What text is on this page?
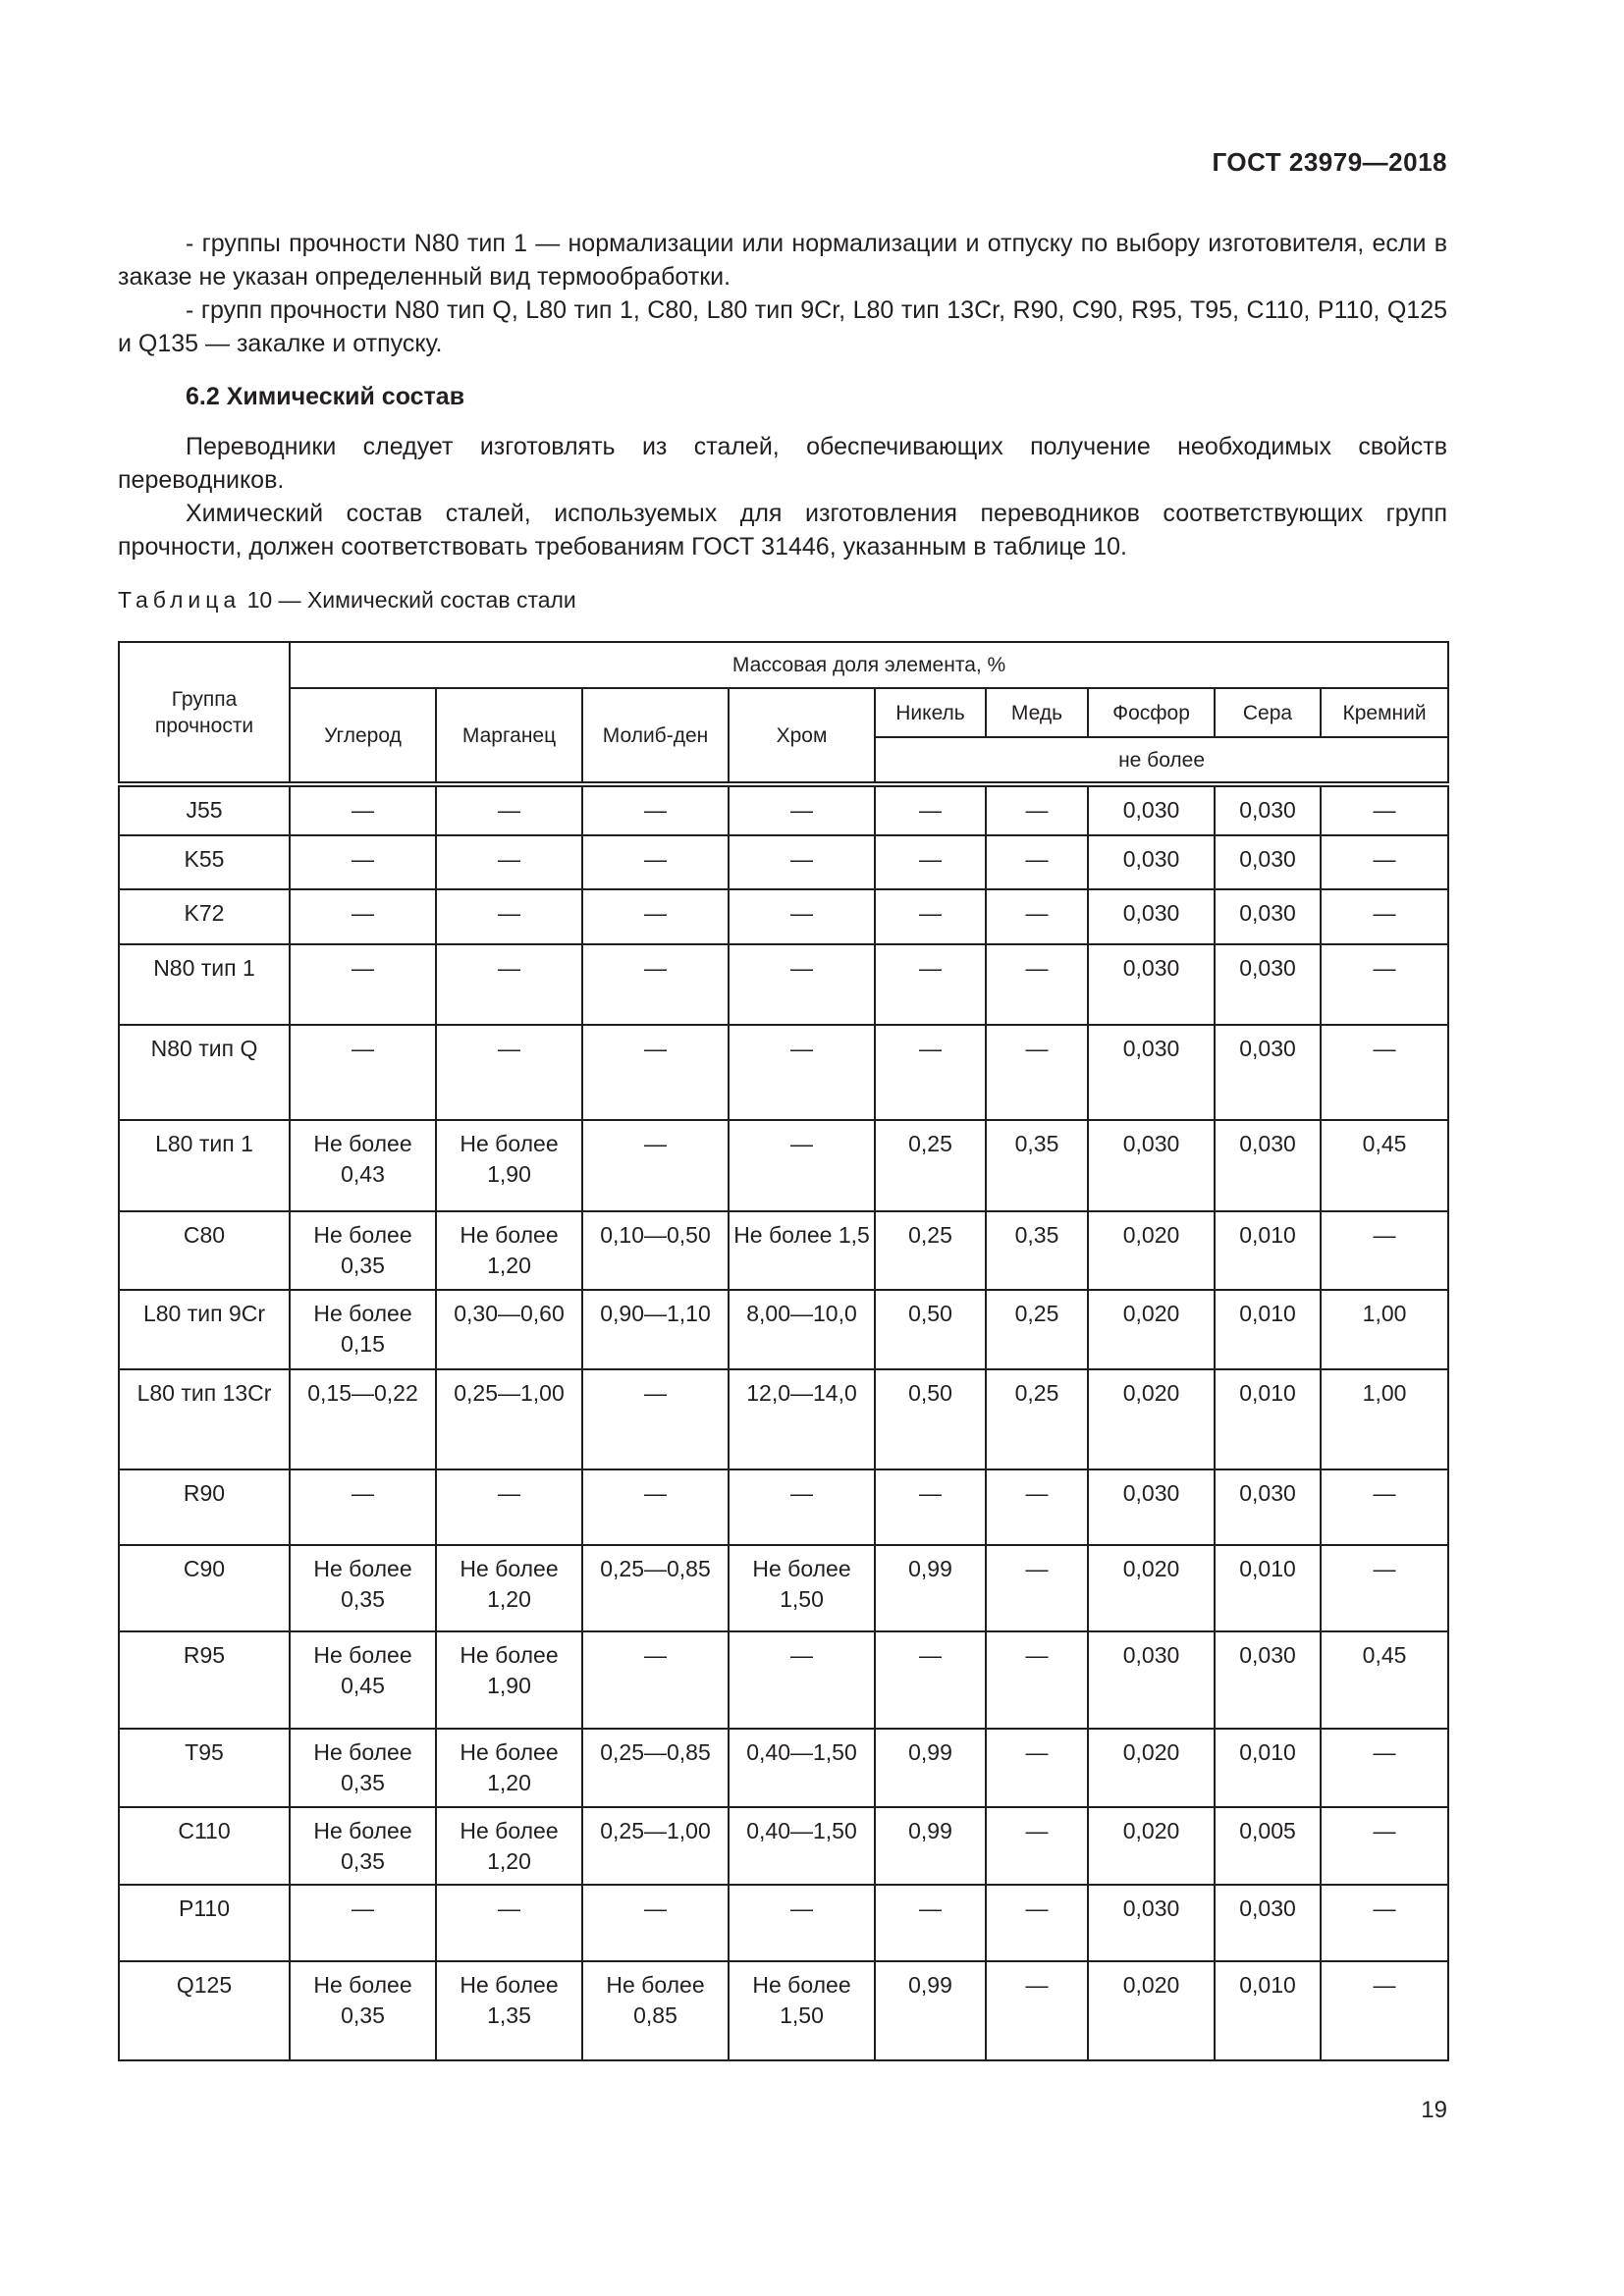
ГОСТ 23979—2018

- группы прочности N80 тип 1 — нормализации или нормализации и отпуску по выбору изготовителя, если в заказе не указан определенный вид термообработки.

- групп прочности N80 тип Q, L80 тип 1, C80, L80 тип 9Cr, L80 тип 13Cr, R90, C90, R95, T95, C110, P110, Q125 и Q135 — закалке и отпуску.

6.2 Химический состав

Переводники следует изготовлять из сталей, обеспечивающих получение необходимых свойств переводников.

Химический состав сталей, используемых для изготовления переводников соответствующих групп прочности, должен соответствовать требованиям ГОСТ 31446, указанным в таблице 10.

Таблица 10 — Химический состав стали
Группа прочности	Массовая доля элемента, %								
	Углерод	Марганец	Молиб-ден	Хром	Никель	Медь	Фосфор	Сера	Кремний
					не более				
J55	—	—	—	—	—	—	0,030	0,030	—
K55	—	—	—	—	—	—	0,030	0,030	—
K72	—	—	—	—	—	—	0,030	0,030	—
N80 тип 1	—	—	—	—	—	—	0,030	0,030	—
N80 тип Q	—	—	—	—	—	—	0,030	0,030	—
L80 тип 1	Не более 0,43	Не более 1,90	—	—	0,25	0,35	0,030	0,030	0,45
C80	Не более 0,35	Не более 1,20	0,10—0,50	Не более 1,5	0,25	0,35	0,020	0,010	—
L80 тип 9Cr	Не более 0,15	0,30—0,60	0,90—1,10	8,00—10,0	0,50	0,25	0,020	0,010	1,00
L80 тип 13Cr	0,15—0,22	0,25—1,00	—	12,0—14,0	0,50	0,25	0,020	0,010	1,00
R90	—	—	—	—	—	—	0,030	0,030	—
C90	Не более 0,35	Не более 1,20	0,25—0,85	Не более 1,50	0,99	—	0,020	0,010	—
R95	Не более 0,45	Не более 1,90	—	—	—	—	0,030	0,030	0,45
T95	Не более 0,35	Не более 1,20	0,25—0,85	0,40—1,50	0,99	—	0,020	0,010	—
C110	Не более 0,35	Не более 1,20	0,25—1,00	0,40—1,50	0,99	—	0,020	0,005	—
P110	—	—	—	—	—	—	0,030	0,030	—
Q125	Не более 0,35	Не более 1,35	Не более 0,85	Не более 1,50	0,99	—	0,020	0,010	—
19
